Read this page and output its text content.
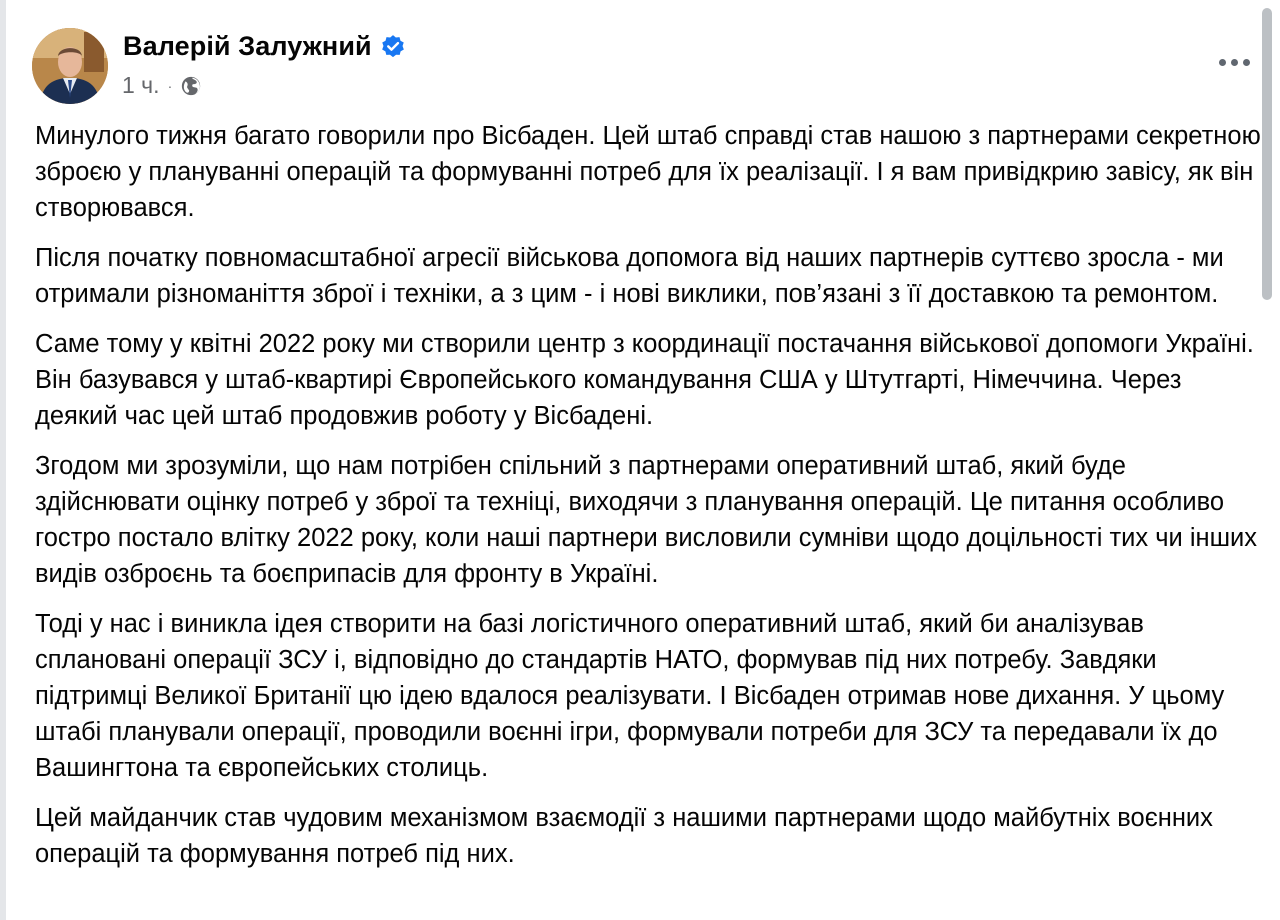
Валерій Залужний
1 ч. ·

Минулого тижня багато говорили про Вісбаден. Цей штаб справді став нашою з партнерами секретною зброєю у плануванні операцій та формуванні потреб для їх реалізації. І я вам привідкрию завісу, як він створювався.

Після початку повномасштабної агресії військова допомога від наших партнерів суттєво зросла - ми отримали різноманіття зброї і техніки, а з цим - і нові виклики, пов’язані з її доставкою та ремонтом.

Саме тому у квітні 2022 року ми створили центр з координації постачання військової допомоги Україні. Він базувався у штаб-квартирі Європейського командування США у Штутгарті, Німеччина. Через деякий час цей штаб продовжив роботу у Вісбадені.

Згодом ми зрозуміли, що нам потрібен спільний з партнерами оперативний штаб, який буде здійснювати оцінку потреб у зброї та техніці, виходячи з планування операцій. Це питання особливо гостро постало влітку 2022 року, коли наші партнери висловили сумніви щодо доцільності тих чи інших видів озброєнь та боєприпасів для фронту в Україні.

Тоді у нас і виникла ідея створити на базі логістичного оперативний штаб, який би аналізував сплановані операції ЗСУ і, відповідно до стандартів НАТО, формував під них потребу. Завдяки підтримці Великої Британії цю ідею вдалося реалізувати. І Вісбаден отримав нове дихання. У цьому штабі планували операції, проводили воєнні ігри, формували потреби для ЗСУ та передавали їх до Вашингтона та європейських столиць.

Цей майданчик став чудовим механізмом взаємодії з нашими партнерами щодо майбутніх воєнних операцій та формування потреб під них.
